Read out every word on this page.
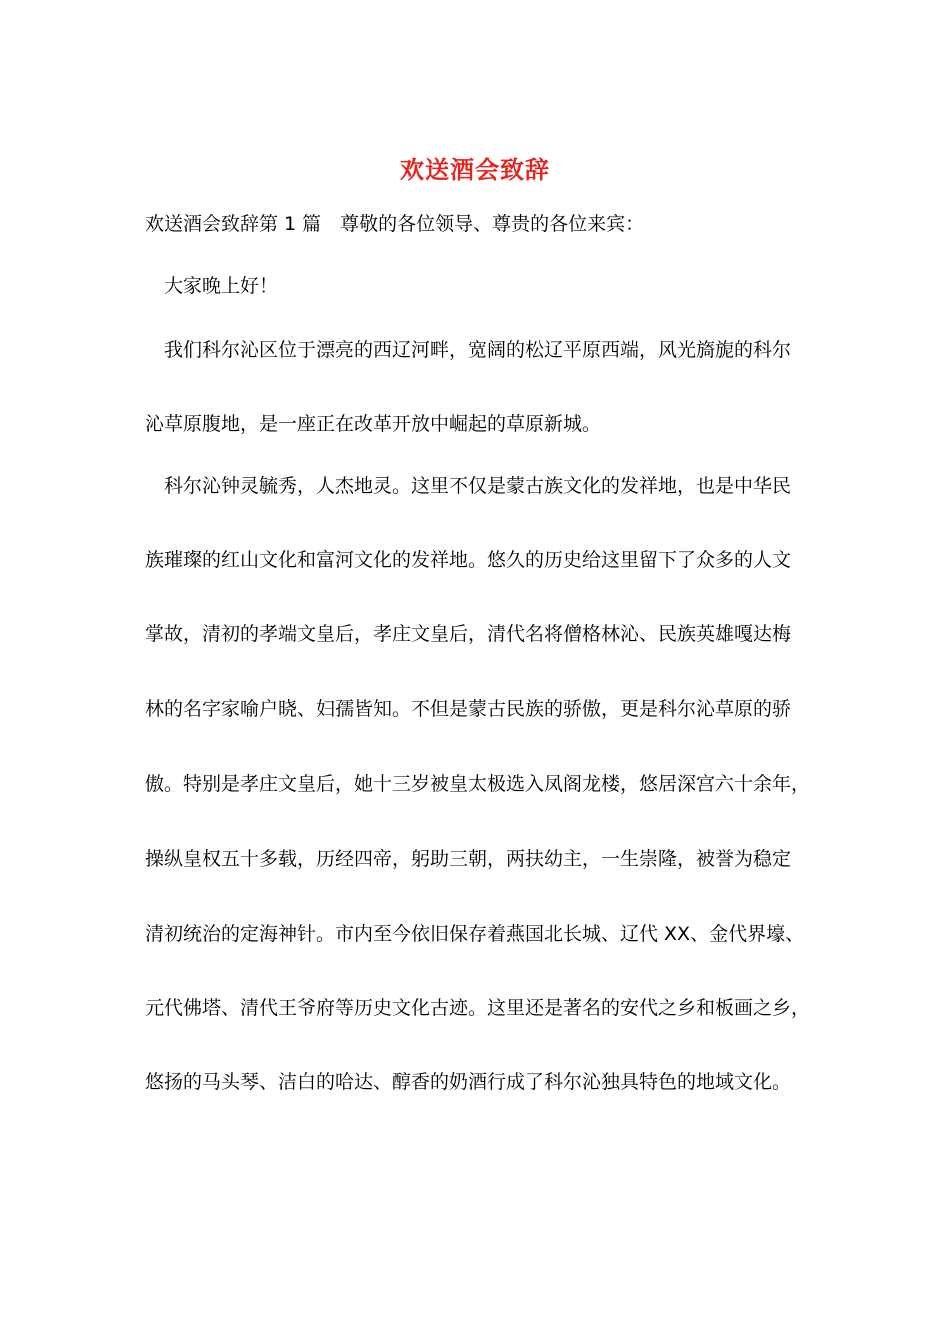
欢送酒会致辞
欢送酒会致辞第 1 篇　尊敬的各位领导、尊贵的各位来宾：
大家晚上好！
我们科尔沁区位于漂亮的西辽河畔，宽阔的松辽平原西端，风光旖旎的科尔
沁草原腹地，是一座正在改革开放中崛起的草原新城。
科尔沁钟灵毓秀，人杰地灵。这里不仅是蒙古族文化的发祥地，也是中华民
族璀璨的红山文化和富河文化的发祥地。悠久的历史给这里留下了众多的人文
掌故，清初的孝端文皇后，孝庄文皇后，清代名将僧格林沁、民族英雄嘎达梅
林的名字家喻户晓、妇孺皆知。不但是蒙古民族的骄傲，更是科尔沁草原的骄
傲。特别是孝庄文皇后，她十三岁被皇太极选入凤阁龙楼，悠居深宫六十余年，
操纵皇权五十多载，历经四帝，躬助三朝，两扶幼主，一生崇隆，被誉为稳定
清初统治的定海神针。市内至今依旧保存着燕国北长城、辽代 XX、金代界壕、
元代佛塔、清代王爷府等历史文化古迹。这里还是著名的安代之乡和板画之乡，
悠扬的马头琴、洁白的哈达、醇香的奶酒行成了科尔沁独具特色的地域文化。
